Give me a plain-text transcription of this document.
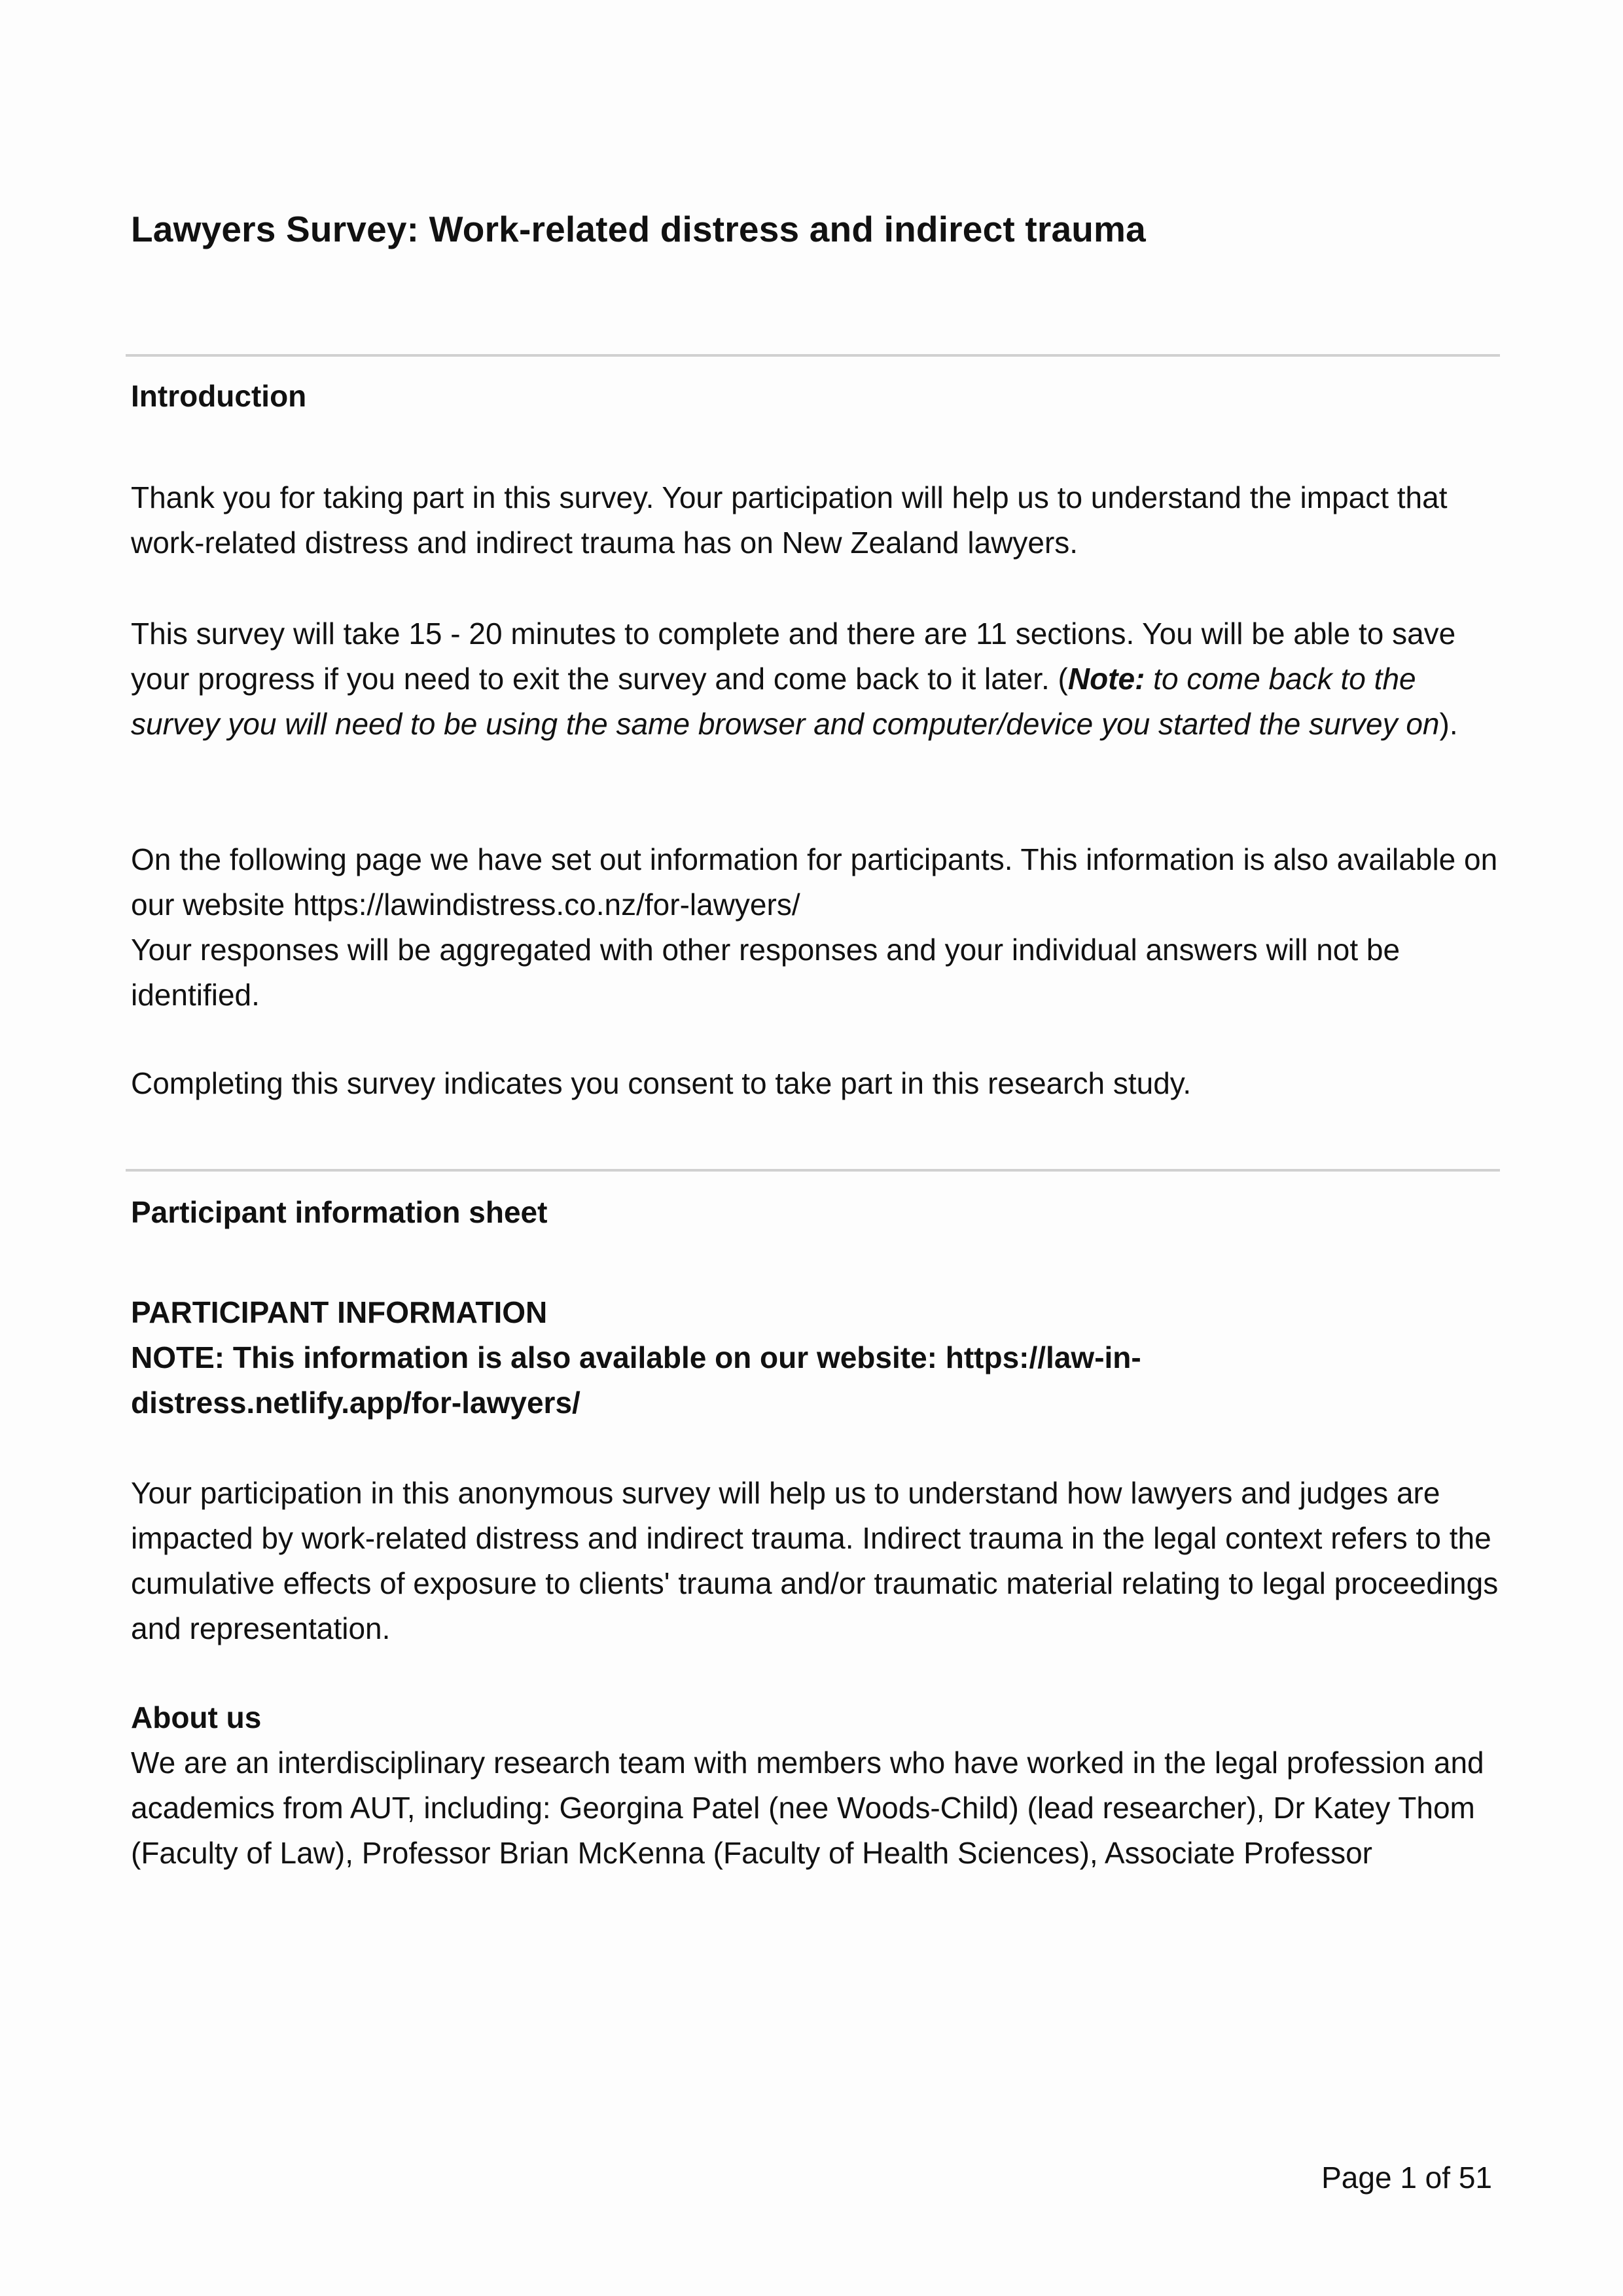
Lawyers Survey: Work-related distress and indirect trauma
Introduction

Thank you for taking part in this survey. Your participation will help us to understand the impact that work-related distress and indirect trauma has on New Zealand lawyers.

This survey will take 15 - 20 minutes to complete and there are 11 sections. You will be able to save your progress if you need to exit the survey and come back to it later. (Note: to come back to the survey you will need to be using the same browser and computer/device you started the survey on).

On the following page we have set out information for participants. This information is also available on our website https://lawindistress.co.nz/for-lawyers/

Your responses will be aggregated with other responses and your individual answers will not be identified.

Completing this survey indicates you consent to take part in this research study.

Participant information sheet

PARTICIPANT INFORMATION

NOTE: This information is also available on our website: https://law-in-distress.netlify.app/for-lawyers/

Your participation in this anonymous survey will help us to understand how lawyers and judges are impacted by work-related distress and indirect trauma. Indirect trauma in the legal context refers to the cumulative effects of exposure to clients' trauma and/or traumatic material relating to legal proceedings and representation.

About us

We are an interdisciplinary research team with members who have worked in the legal profession and academics from AUT, including: Georgina Patel (nee Woods-Child) (lead researcher), Dr Katey Thom (Faculty of Law), Professor Brian McKenna (Faculty of Health Sciences), Associate Professor

Page 1 of 51
